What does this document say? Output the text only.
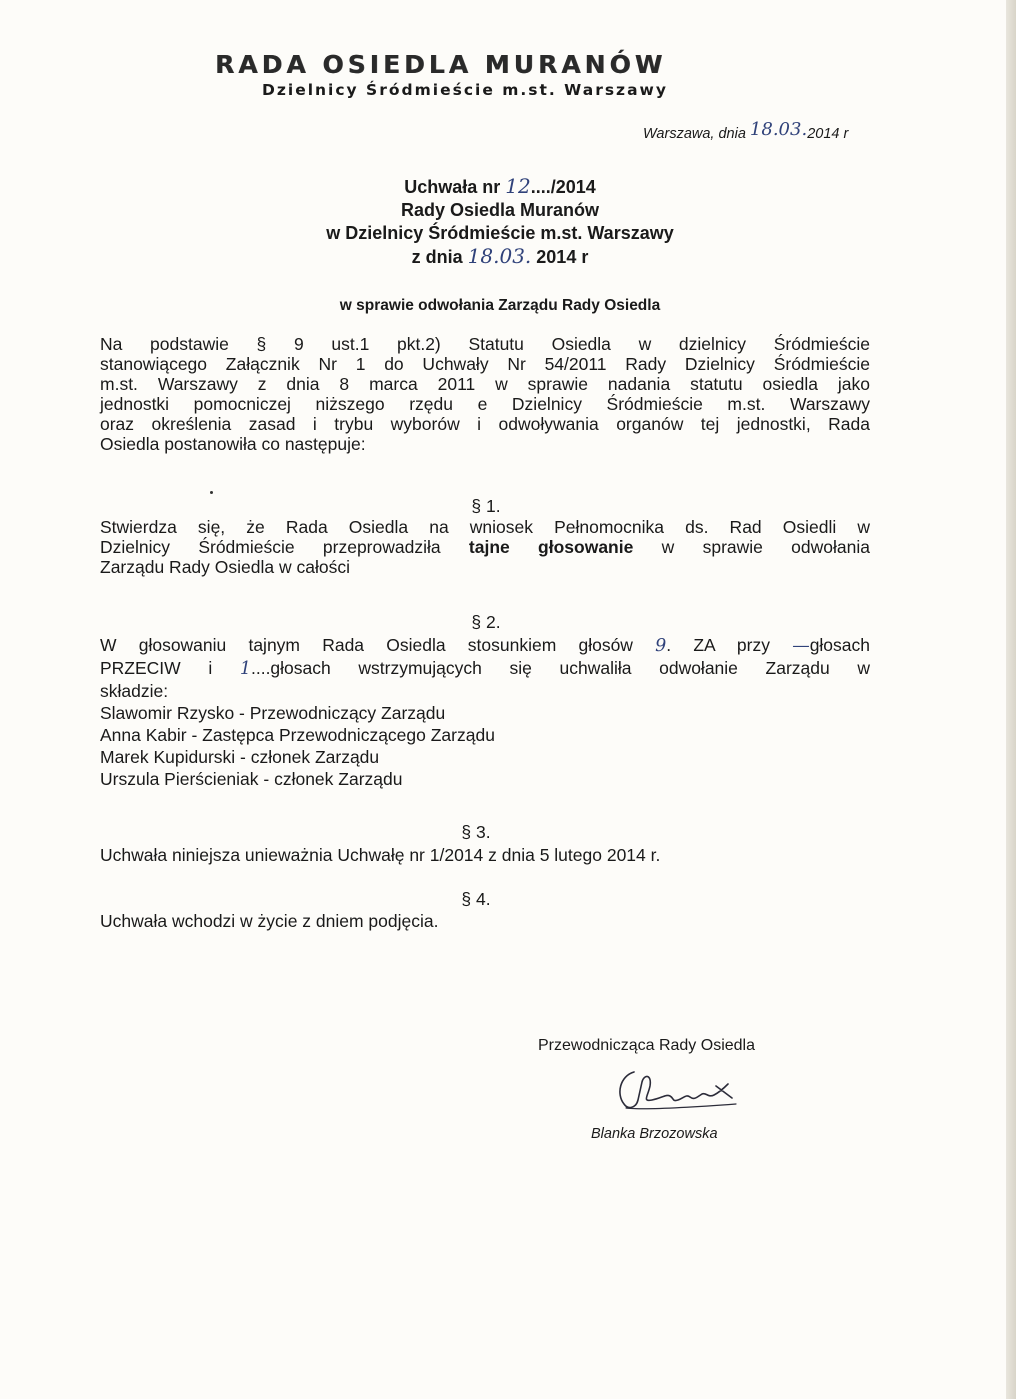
RADA OSIEDLA MURANÓW
Dzielnicy Śródmieście m.st. Warszawy
Warszawa, dnia 18.03.2014 r
Uchwała nr 12..../2014
Rady Osiedla Muranów
w Dzielnicy Śródmieście m.st. Warszawy
z dnia 18.03. 2014 r
w sprawie odwołania Zarządu Rady Osiedla
Na podstawie § 9 ust.1 pkt.2) Statutu Osiedla w dzielnicy Śródmieście
stanowiącego Załącznik Nr 1 do Uchwały Nr 54/2011 Rady Dzielnicy Śródmieście
m.st. Warszawy z dnia 8 marca 2011 w sprawie nadania statutu osiedla jako
jednostki pomocniczej niższego rzędu e Dzielnicy Śródmieście m.st. Warszawy
oraz określenia zasad i trybu wyborów i odwoływania organów tej jednostki, Rada
Osiedla postanowiła co następuje:
§ 1.
Stwierdza się, że Rada Osiedla na wniosek Pełnomocnika ds. Rad Osiedli w
Dzielnicy Śródmieście przeprowadziła tajne głosowanie w sprawie odwołania
Zarządu Rady Osiedla w całości
§ 2.
W głosowaniu tajnym Rada Osiedla stosunkiem głosów 9. ZA przy —głosach
PRZECIW i 1....głosach wstrzymujących się uchwaliła odwołanie Zarządu w
składzie:
Slawomir Rzysko - Przewodniczący Zarządu
Anna Kabir - Zastępca Przewodniczącego Zarządu
Marek Kupidurski - członek Zarządu
Urszula Pierścieniak - członek Zarządu
§ 3.
Uchwała niniejsza unieważnia Uchwałę nr 1/2014 z dnia 5 lutego 2014 r.
§ 4.
Uchwała wchodzi w życie z dniem podjęcia.
Przewodnicząca Rady Osiedla
Blanka Brzozowska
